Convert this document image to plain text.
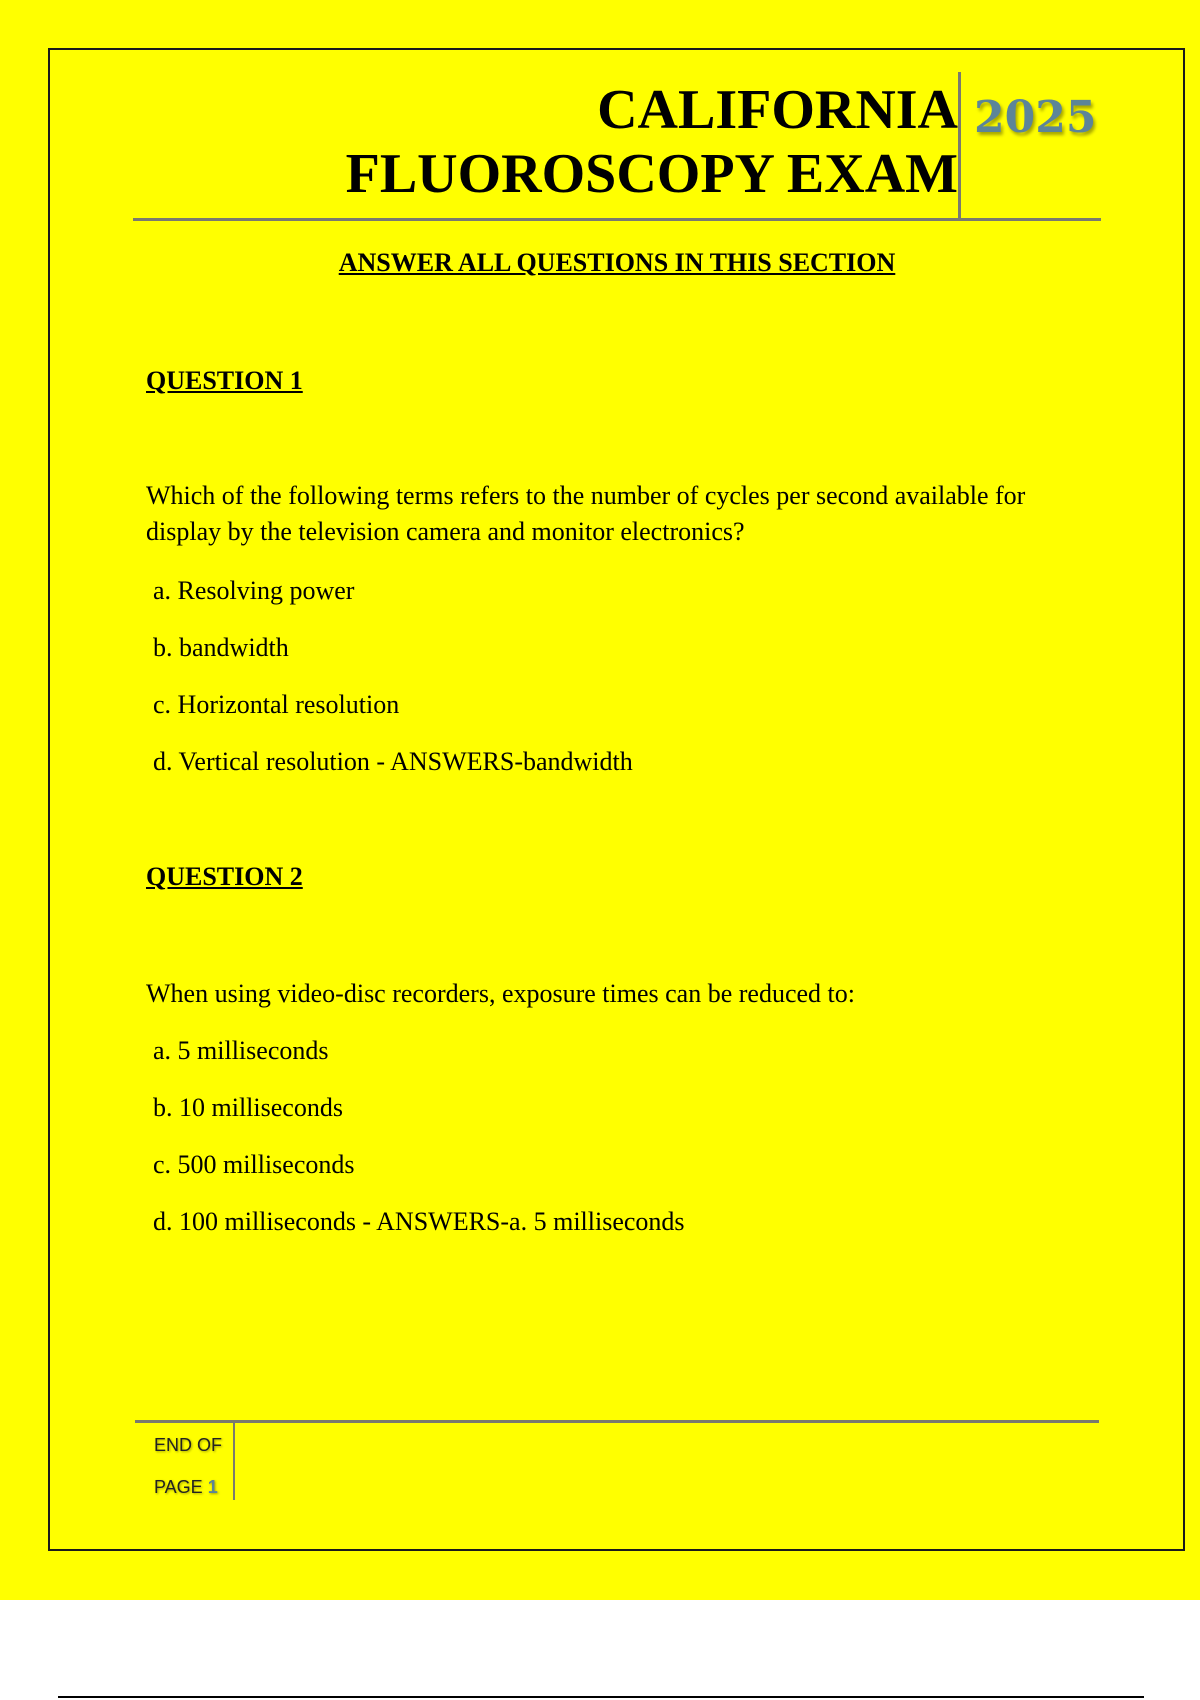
CALIFORNIA
FLUOROSCOPY EXAM
2025
ANSWER ALL QUESTIONS IN THIS SECTION
QUESTION 1

Which of the following terms refers to the number of cycles per second available for display by the television camera and monitor electronics?

a. Resolving power

b. bandwidth

c. Horizontal resolution

d. Vertical resolution - ANSWERS-bandwidth

QUESTION 2

When using video-disc recorders, exposure times can be reduced to:

a. 5 milliseconds

b. 10 milliseconds

c. 500 milliseconds

d. 100 milliseconds - ANSWERS-a. 5 milliseconds

END OF
PAGE 1
